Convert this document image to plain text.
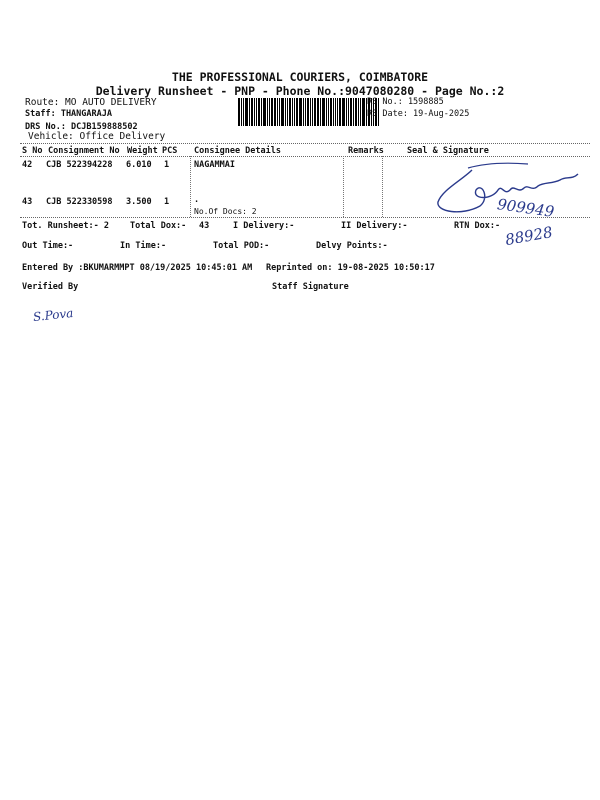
THE PROFESSIONAL COURIERS, COIMBATORE
Delivery Runsheet - PNP - Phone No.:9047080280 - Page No.:2
Route: MO AUTO DELIVERY
Staff: THANGARAJA
DRS No.: DCJB159888502
Vehicle: Office Delivery
RS No.: 1598885
RS Date: 19-Aug-2025
S No Consignment No Weight PCS Consignee Details	Remarks	Seal & Signature
42 CJB 522394228 6.010 1	NAGAMMAI
43 CJB 522330598 3.500 1	.
No.Of Docs: 2
Tot. Runsheet:- 2 Total Dox:- 43	I Delivery:-	II Delivery:-	RTN Dox:-
Out Time:-	In Time:-	Total POD:-	Delvy Points:-
Entered By :BKUMARMMPT 08/19/2025 10:45:01 AM Reprinted on: 19-08-2025 10:50:17
Verified By	Staff Signature
909949
88928
S.Pova
